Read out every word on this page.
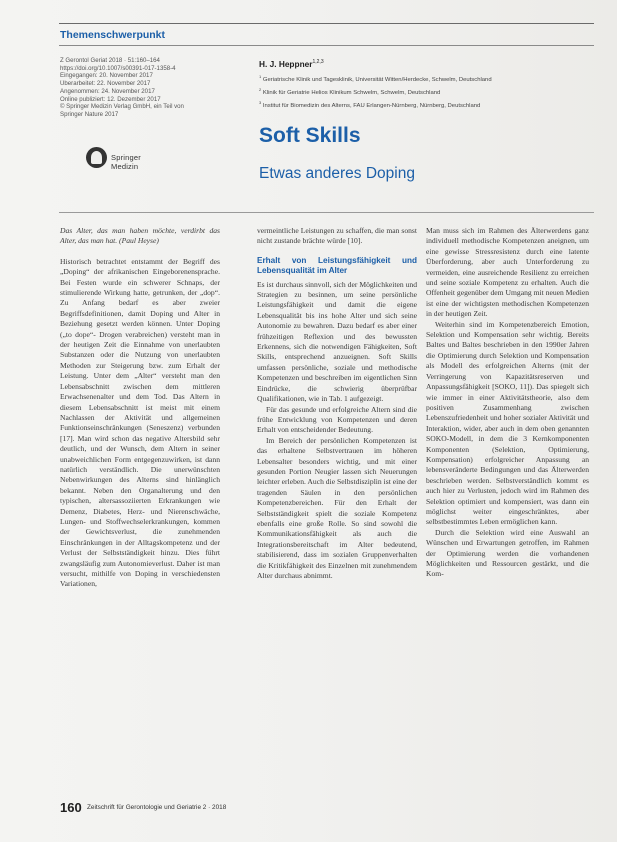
Themenschwerpunkt
Z Gerontol Geriat 2018 · 51:160–164
https://doi.org/10.1007/s00391-017-1358-4
Eingegangen: 20. November 2017
Überarbeitet: 22. November 2017
Angenommen: 24. November 2017
Online publiziert: 12. Dezember 2017
© Springer Medizin Verlag GmbH, ein Teil von
Springer Nature 2017
Springer Medizin
H. J. Heppner$^{1,2,3}$
$^1$ Geriatrische Klinik und Tagesklinik, Universität Witten/Herdecke, Schwelm, Deutschland
$^2$ Klinik für Geriatrie Helios Klinikum Schwelm, Schwelm, Deutschland
$^3$ Institut für Biomedizin des Alterns, FAU Erlangen-Nürnberg, Nürnberg, Deutschland
Soft Skills
Etwas anderes Doping

Das Alter, das man haben möchte, verdirbt das Alter, das man hat. (Paul Heyse)

Historisch betrachtet entstammt der Begriff des „Doping“ der afrikanischen Eingeborenensprache. Bei Festen wurde ein schwerer Schnaps, der stimulierende Wirkung hatte, getrunken, der „dop“. Zu Anfang bedarf es aber zweier Begriffsdefinitionen, damit Doping und Alter in Beziehung gesetzt werden können. Unter Doping („to dope“- Drogen verabreichen) versteht man in der heutigen Zeit die Einnahme von unerlaubten Substanzen oder die Nutzung von unerlaubten Methoden zur Steigerung bzw. zum Erhalt der Leistung. Unter dem „Alter“ versteht man den Lebensabschnitt zwischen dem mittleren Erwachsenenalter und dem Tod. Das Altern in diesem Lebensabschnitt ist meist mit einem Nachlassen der Aktivität und allgemeinen Funktionseinschränkungen (Seneszenz) verbunden [17]. Man wird schon das negative Altersbild sehr deutlich, und der Wunsch, dem Altern in seiner unabweichlichen Form entgegenzuwirken, ist dann natürlich verständlich. Die unerwünschten Nebenwirkungen des Alterns sind hinlänglich bekannt. Neben den Organalterung und den typischen, altersassoziierten Erkrankungen wie Demenz, Diabetes, Herz- und Nierenschwäche, Lungen- und Stoffwechselerkrankungen, kommen der Gewichtsverlust, die zunehmenden Einschränkungen in der Alltagskompetenz und der Verlust der Selbstständigkeit hinzu. Dies führt zwangsläufig zum Autonomieverlust. Daher ist man versucht, mithilfe von Doping in verschiedensten Variationen,

vermeintliche Leistungen zu schaffen, die man sonst nicht zustande brächte würde [10].

Erhalt von Leistungsfähigkeit und Lebensqualität im Alter

Es ist durchaus sinnvoll, sich der Möglichkeiten und Strategien zu besinnen, um seine persönliche Leistungsfähigkeit und damit die eigene Lebensqualität bis ins hohe Alter und sich seine Autonomie zu bewahren. Dazu bedarf es aber einer frühzeitigen Reflexion und des bewussten Erkennens, sich die notwendigen Fähigkeiten, Soft Skills, entsprechend anzueignen. Soft Skills umfassen persönliche, soziale und methodische Kompetenzen und beschreiben im eigentlichen Sinn Eindrücke, die schwierig überprüfbar Qualifikationen, wie in Tab. 1 aufgezeigt.

Für das gesunde und erfolgreiche Altern sind die frühe Entwicklung von Kompetenzen und deren Erhalt von entscheidender Bedeutung.

Im Bereich der persönlichen Kompetenzen ist das erhaltene Selbstvertrauen im höheren Lebensalter besonders wichtig, und mit einer gesunden Portion Neugier lassen sich Neuerungen leichter erleben. Auch die Selbstdisziplin ist eine der tragenden Säulen in den persönlichen Kompetenzbereichen. Für den Erhalt der Selbstständigkeit spielt die soziale Kompetenz ebenfalls eine große Rolle. So sind sowohl die Kommunikationsfähigkeit als auch die Integrationsbereitschaft im Alter bedeutend, stabilisierend, dass im sozialen Gruppenverhalten die Kritikfähigkeit des Einzelnen mit zunehmendem Alter durchaus abnimmt.

Man muss sich im Rahmen des Älterwerdens ganz individuell methodische Kompetenzen aneignen, um eine gewisse Stressresistenz durch eine latente Überforderung, aber auch Unterforderung zu vermeiden, eine ausreichende Resilienz zu erreichen und seine soziale Kompetenz zu erhalten. Auch die Offenheit gegenüber dem Umgang mit neuen Medien ist eine der wichtigsten methodischen Kompetenzen in der heutigen Zeit.

Weiterhin sind im Kompetenzbereich Emotion, Selektion und Kompensation sehr wichtig. Bereits Baltes und Baltes beschrieben in den 1990er Jahren die Optimierung durch Selektion und Kompensation als Modell des erfolgreichen Alterns (mit der Verringerung von Kapazitätsreserven und Anpassungsfähigkeit [SOKO, 11]). Das spiegelt sich wie immer in einer Aktivitätstheorie, also dem positiven Zusammenhang zwischen Lebenszufriedenheit und hoher sozialer Aktivität und Interaktion, wider, aber auch in dem oben genannten SOKO-Modell, in dem die 3 Kernkomponenten Komponenten (Selektion, Optimierung, Kompensation) erfolgreicher Anpassung an lebensveränderte Bedingungen und das Älterwerden beschrieben werden. Selbstverständlich kommt es auch hier zu Verlusten, jedoch wird im Rahmen des Selektion optimiert und kompensiert, was dann ein möglichst weiter eingeschränktes, aber selbstbestimmtes Leben ermöglichen kann.

Durch die Selektion wird eine Auswahl an Wünschen und Erwartungen getroffen, im Rahmen der Optimierung werden die vorhandenen Möglichkeiten und Ressourcen gestärkt, und die Kom-

160 Zeitschrift für Gerontologie und Geriatrie 2 · 2018
